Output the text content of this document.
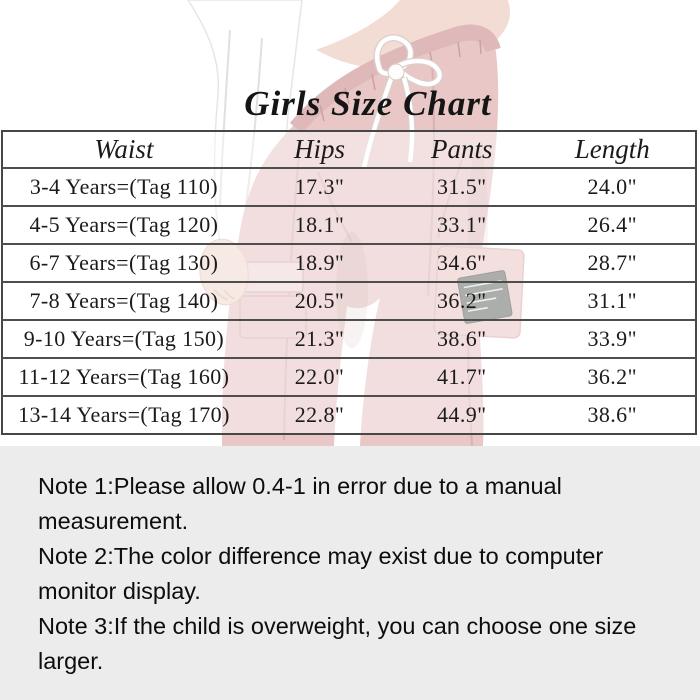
Girls Size Chart
Waist	Hips	Pants	Length
3-4 Years=(Tag 110)	17.3"	31.5"	24.0"
4-5 Years=(Tag 120)	18.1"	33.1"	26.4"
6-7 Years=(Tag 130)	18.9"	34.6"	28.7"
7-8 Years=(Tag 140)	20.5"	36.2"	31.1"
9-10 Years=(Tag 150)	21.3"	38.6"	33.9"
11-12 Years=(Tag 160)	22.0"	41.7"	36.2"
13-14 Years=(Tag 170)	22.8"	44.9"	38.6"
Note 1:Please allow 0.4-1 in error due to a manual
measurement.
Note 2:The color difference may exist due to computer
monitor display.
Note 3:If the child is overweight, you can choose one size
larger.
